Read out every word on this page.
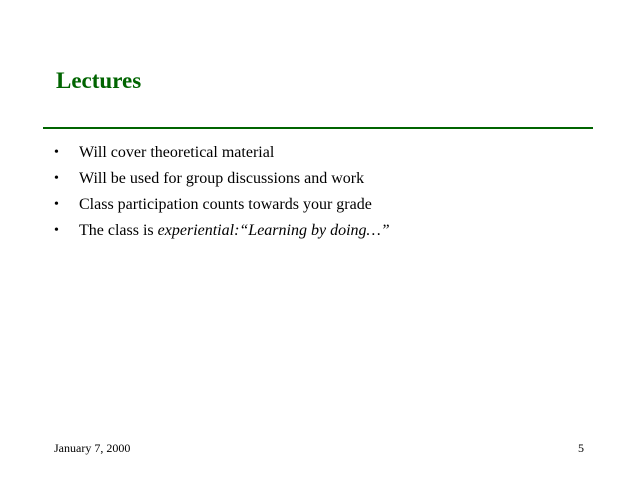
Lectures
• Will cover theoretical material
• Will be used for group discussions and work
• Class participation counts towards your grade
• The class is experiential:“Learning by doing…”
January 7, 2000	5
